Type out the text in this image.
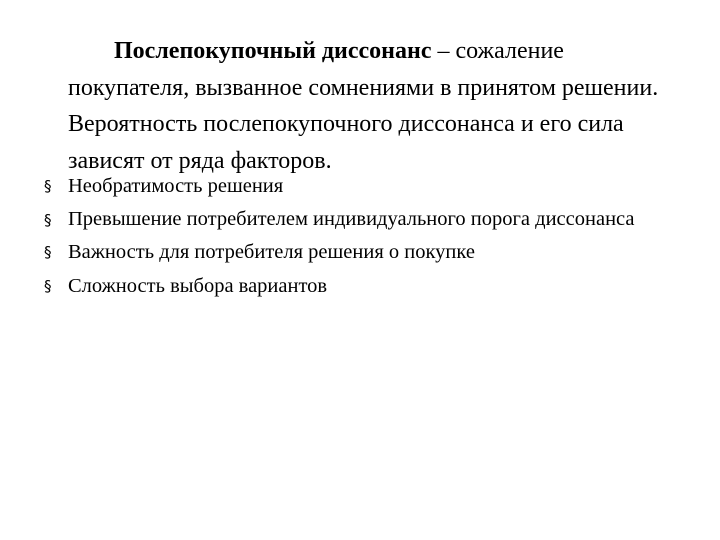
Послепокупочный диссонанс – сожаление покупателя, вызванное сомнениями в принятом решении. Вероятность послепокупочного диссонанса и его сила зависят от ряда факторов.

§ Необратимость решения
§ Превышение потребителем индивидуального порога диссонанса
§ Важность для потребителя решения о покупке
§ Сложность выбора вариантов
